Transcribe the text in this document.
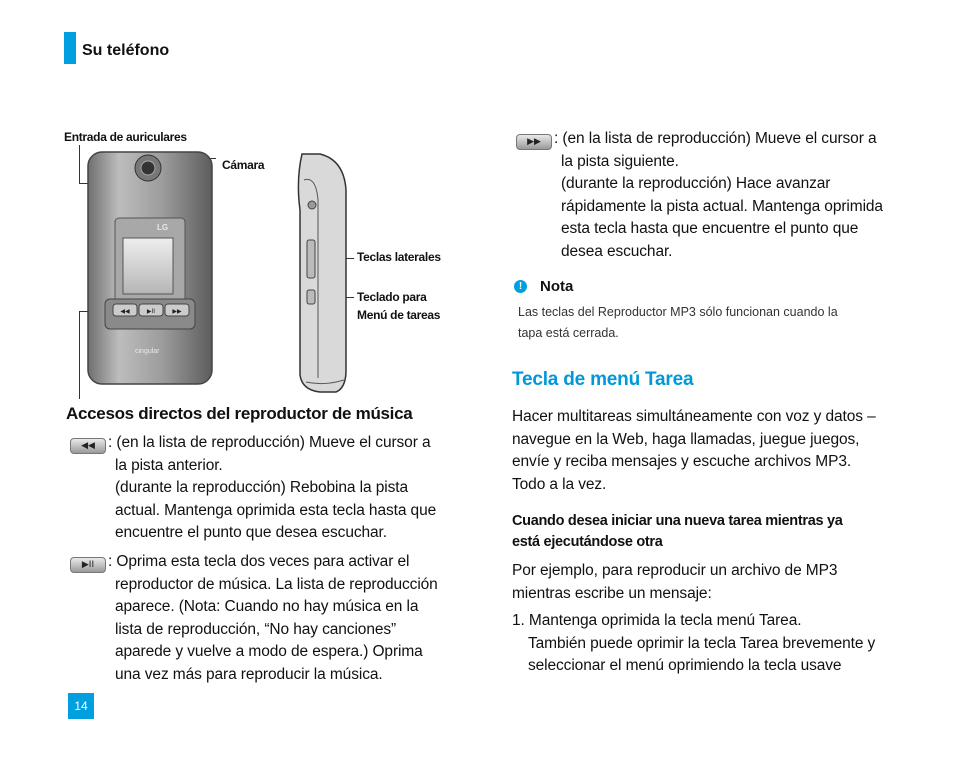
Su teléfono
Entrada de auriculares
Cámara
Teclas laterales
Teclado para
Menú de tareas
◀◀	▶II	▶▶
LG
cingular
Accesos directos del reproductor de música
◀◀ : (en la lista de reproducción) Mueve el cursor a
la pista anterior.
(durante la reproducción) Rebobina la pista
actual. Mantenga oprimida esta tecla hasta que
encuentre el punto que desea escuchar.
▶II : Oprima esta tecla dos veces para activar el
reproductor de música. La lista de reproducción
aparece. (Nota: Cuando no hay música en la
lista de reproducción, “No hay canciones”
aparede y vuelve a modo de espera.) Oprima
una vez más para reproducir la música.
▶▶ : (en la lista de reproducción) Mueve el cursor a
la pista siguiente.
(durante la reproducción) Hace avanzar
rápidamente la pista actual. Mantenga oprimida
esta tecla hasta que encuentre el punto que
desea escuchar.
!	Nota
Las teclas del Reproductor MP3 sólo funcionan cuando la
tapa está cerrada.
Tecla de menú Tarea
Hacer multitareas simultáneamente con voz y datos –
navegue en la Web, haga llamadas, juegue juegos,
envíe y reciba mensajes y escuche archivos MP3.
Todo a la vez.
Cuando desea iniciar una nueva tarea mientras ya
está ejecutándose otra
Por ejemplo, para reproducir un archivo de MP3
mientras escribe un mensaje:
1. Mantenga oprimida la tecla menú Tarea.
También puede oprimir la tecla Tarea brevemente y
seleccionar el menú oprimiendo la tecla usave
14
